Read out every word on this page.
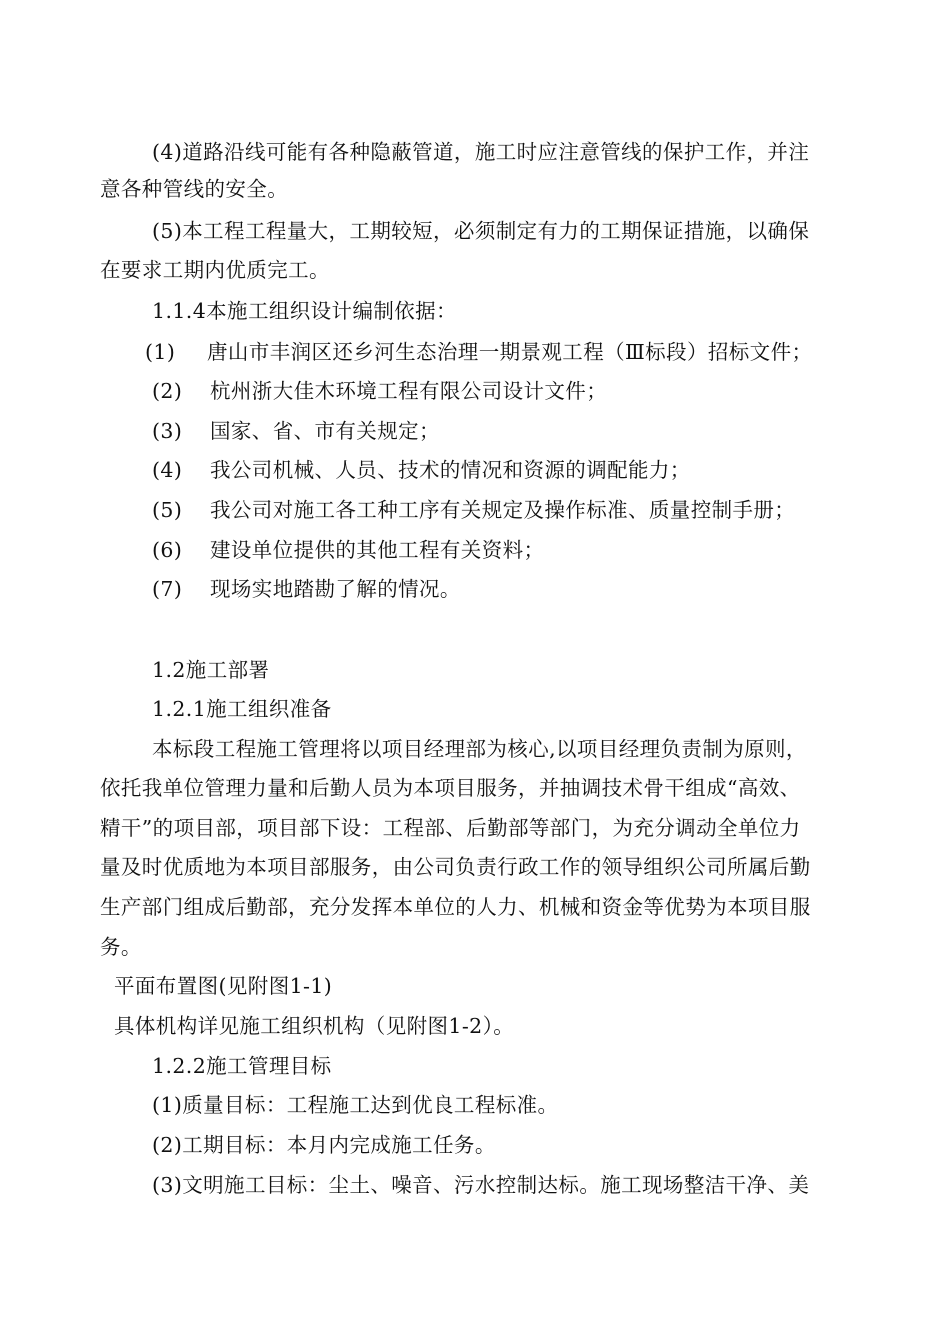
(4)道路沿线可能有各种隐蔽管道，施工时应注意管线的保护工作，并注
意各种管线的安全。
(5)本工程工程量大，工期较短，必须制定有力的工期保证措施，以确保
在要求工期内优质完工。
1.1.4本施工组织设计编制依据：
(1) 唐山市丰润区还乡河生态治理一期景观工程（Ⅲ标段）招标文件；
(2) 杭州浙大佳木环境工程有限公司设计文件；
(3) 国家、省、市有关规定；
(4) 我公司机械、人员、技术的情况和资源的调配能力；
(5) 我公司对施工各工种工序有关规定及操作标准、质量控制手册；
(6) 建设单位提供的其他工程有关资料；
(7) 现场实地踏勘了解的情况。
1.2施工部署
1.2.1施工组织准备
本标段工程施工管理将以项目经理部为核心,以项目经理负责制为原则，
依托我单位管理力量和后勤人员为本项目服务，并抽调技术骨干组成“高效、
精干”的项目部，项目部下设：工程部、后勤部等部门，为充分调动全单位力
量及时优质地为本项目部服务，由公司负责行政工作的领导组织公司所属后勤
生产部门组成后勤部，充分发挥本单位的人力、机械和资金等优势为本项目服
务。
平面布置图(见附图1-1)
具体机构详见施工组织机构（见附图1-2）。
1.2.2施工管理目标
(1)质量目标：工程施工达到优良工程标准。
(2)工期目标：本月内完成施工任务。
(3)文明施工目标：尘土、噪音、污水控制达标。施工现场整洁干净、美
